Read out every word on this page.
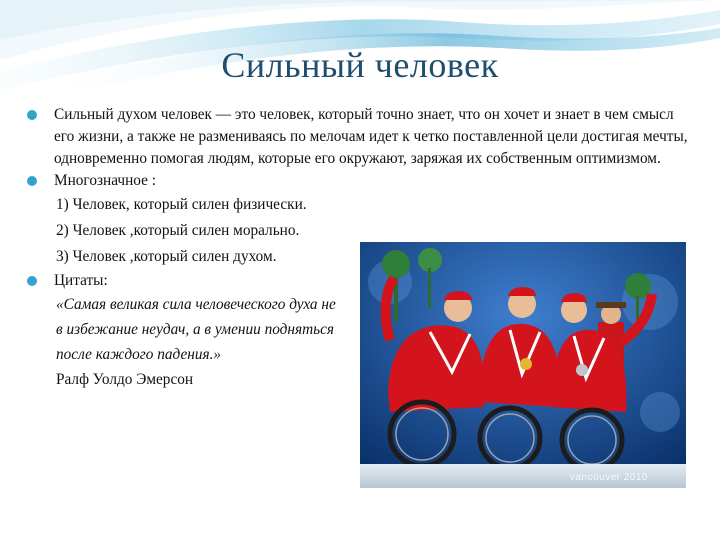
Сильный человек
Сильный духом человек — это человек, который точно знает, что он хочет и знает в чем смысл его жизни, а также не размениваясь по мелочам идет к четко поставленной цели достигая мечты, одновременно помогая людям, которые его окружают, заряжая их собственным оптимизмом.
Многозначное :
1) Человек, который силен физически.
2) Человек ,который силен морально.
3) Человек ,который силен духом.
Цитаты:
«Самая великая сила человеческого духа не в избежание неудач, а в умении подняться после каждого падения.»
Ралф Уолдо Эмерсон
vancouver 2010
